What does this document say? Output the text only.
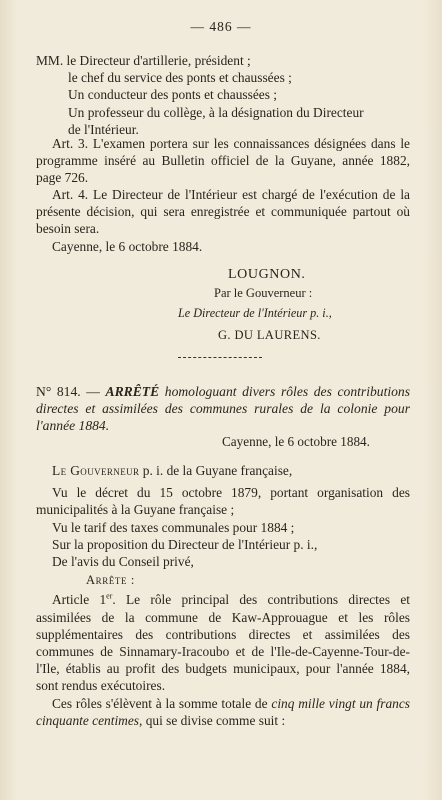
— 486 —
MM. le Directeur d'artillerie, président ;
le chef du service des ponts et chaussées ;
Un conducteur des ponts et chaussées ;
Un professeur du collège, à la désignation du Directeur
de l'Intérieur.

Art. 3. L'examen portera sur les connaissances désignées dans le programme inséré au Bulletin officiel de la Guyane, année 1882, page 726.

Art. 4. Le Directeur de l'Intérieur est chargé de l'exécution de la présente décision, qui sera enregistrée et communiquée partout où besoin sera.

Cayenne, le 6 octobre 1884.

LOUGNON.
Par le Gouverneur :
Le Directeur de l'Intérieur p. i.,
G. DU LAURENS.

N° 814. — ARRÊTÉ homologuant divers rôles des contributions directes et assimilées des communes rurales de la colonie pour l'année 1884.

Cayenne, le 6 octobre 1884.

Le Gouverneur p. i. de la Guyane française,

Vu le décret du 15 octobre 1879, portant organisation des municipalités à la Guyane française ;

Vu le tarif des taxes communales pour 1884 ;

Sur la proposition du Directeur de l'Intérieur p. i.,

De l'avis du Conseil privé,

Arrête :

Article 1er. Le rôle principal des contributions directes et assimilées de la commune de Kaw-Approuague et les rôles supplémentaires des contributions directes et assimilées des communes de Sinnamary-Iracoubo et de l'Ile-de-Cayenne-Tour-de-l'Ile, établis au profit des budgets municipaux, pour l'année 1884, sont rendus exécutoires.

Ces rôles s'élèvent à la somme totale de cinq mille vingt un francs cinquante centimes, qui se divise comme suit :
